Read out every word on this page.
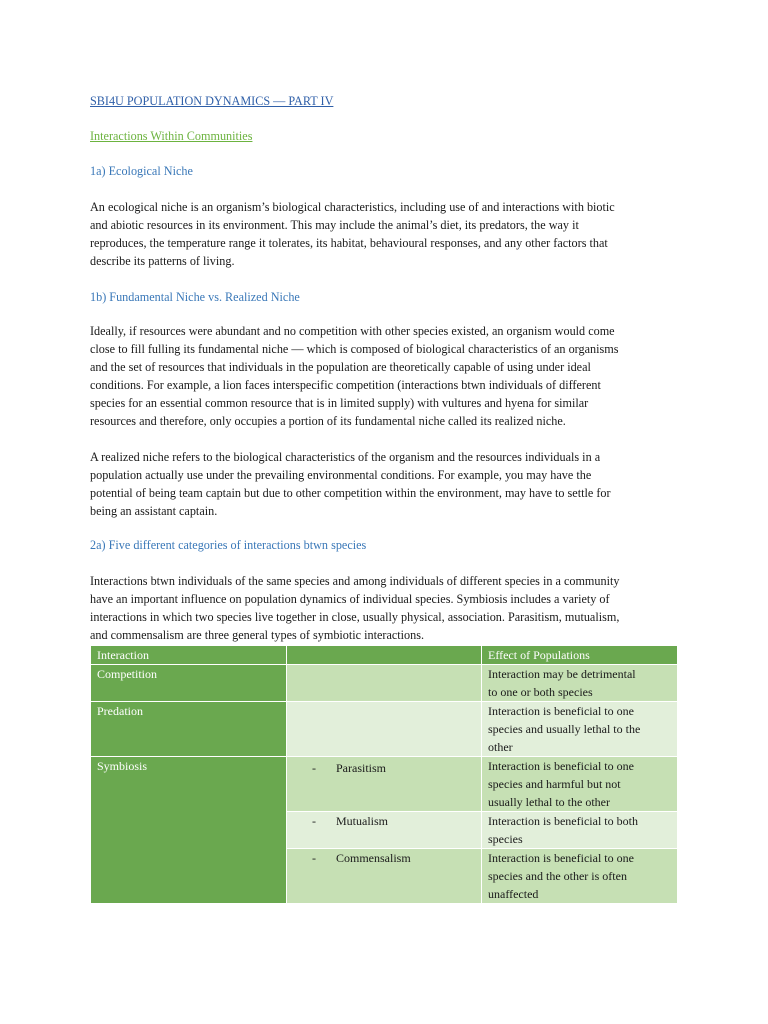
SBI4U POPULATION DYNAMICS — PART IV
Interactions Within Communities
1a) Ecological Niche
An ecological niche is an organism’s biological characteristics, including use of and interactions with biotic
and abiotic resources in its environment. This may include the animal’s diet, its predators, the way it
reproduces, the temperature range it tolerates, its habitat, behavioural responses, and any other factors that
describe its patterns of living.
1b) Fundamental Niche vs. Realized Niche
Ideally, if resources were abundant and no competition with other species existed, an organism would come
close to fill fulling its fundamental niche — which is composed of biological characteristics of an organisms
and the set of resources that individuals in the population are theoretically capable of using under ideal
conditions. For example, a lion faces interspecific competition (interactions btwn individuals of different
species for an essential common resource that is in limited supply) with vultures and hyena for similar
resources and therefore, only occupies a portion of its fundamental niche called its realized niche.
A realized niche refers to the biological characteristics of the organism and the resources individuals in a
population actually use under the prevailing environmental conditions. For example, you may have the
potential of being team captain but due to other competition within the environment, may have to settle for
being an assistant captain.
2a) Five different categories of interactions btwn species
Interactions btwn individuals of the same species and among individuals of different species in a community
have an important influence on population dynamics of individual species. Symbiosis includes a variety of
interactions in which two species live together in close, usually physical, association. Parasitism, mutualism,
and commensalism are three general types of symbiotic interactions.
Interaction		Effect of Populations
Competition		Interaction may be detrimental
to one or both species

Predation		Interaction is beneficial to one
species and usually lethal to the
other

Symbiosis	- Parasitism	Interaction is beneficial to one
species and harmful but not
usually lethal to the other

	- Mutualism	Interaction is beneficial to both
species

	- Commensalism	Interaction is beneficial to one
species and the other is often
unaffected
